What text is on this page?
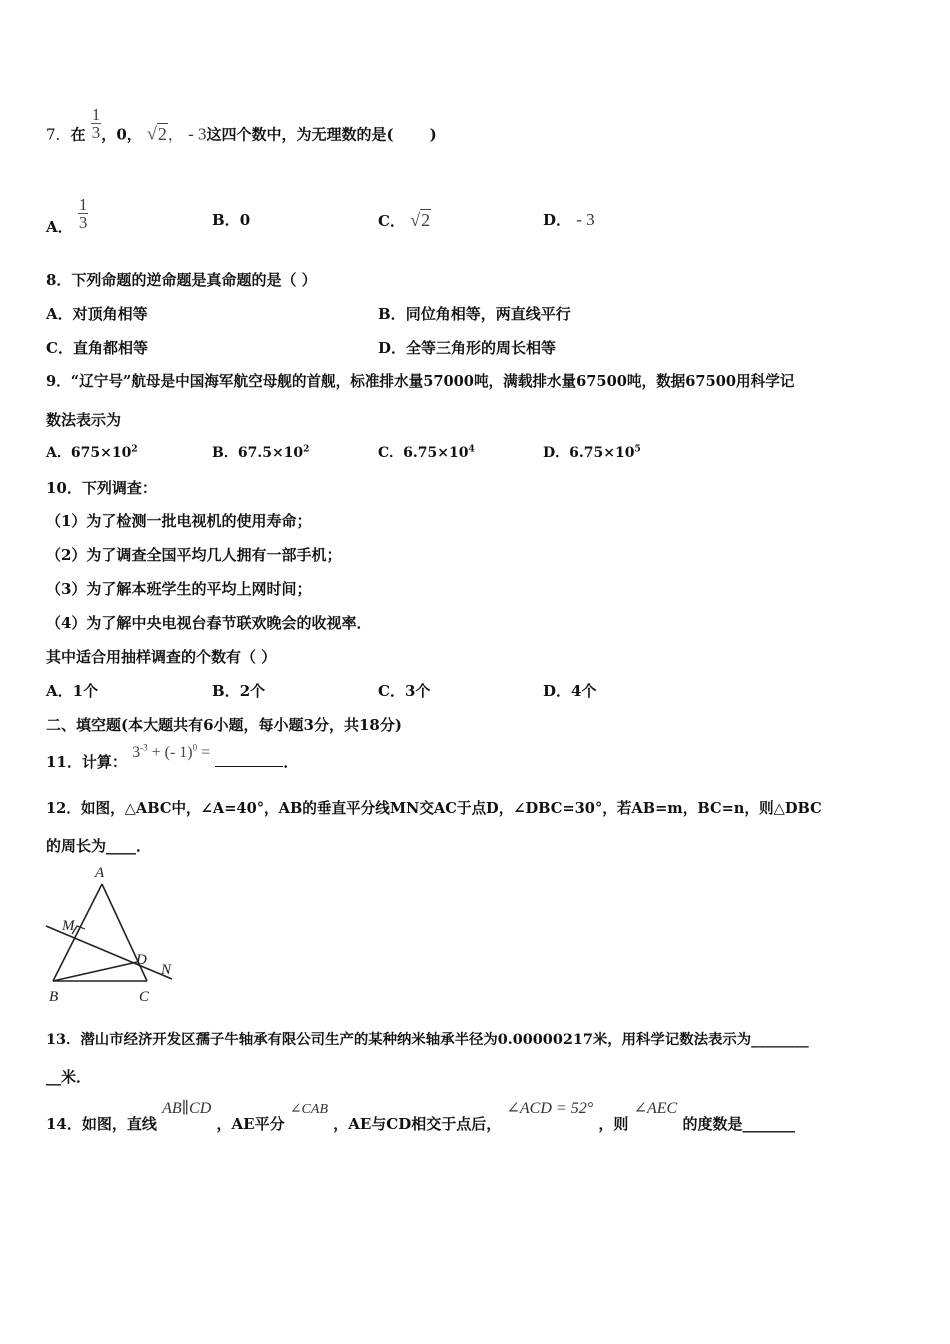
7．在 $\frac{1}{3}$ ，0， √2， - 3这四个数中，为无理数的是( )
A． $\frac{1}{3}$	B．0	C． √2	D． - 3
8．下列命题的逆命题是真命题的是（ ）
A．对顶角相等	B．同位角相等，两直线平行
C．直角都相等	D．全等三角形的周长相等
9．“辽宁号”航母是中国海军航空母舰的首舰，标准排水量57000吨，满载排水量67500吨，数据67500用科学记
数法表示为
A．$675\times 10^2$	B．$67.5\times 10^2$	C．$6.75\times 10^4$	D．$6.75\times 10^5$
10．下列调查：
（1）为了检测一批电视机的使用寿命；
（2）为了调查全国平均几人拥有一部手机；
（3）为了解本班学生的平均上网时间；
（4）为了解中央电视台春节联欢晚会的收视率．
其中适合用抽样调查的个数有（ ）
A．1个	B．2个	C．3个	D．4个
二、填空题(本大题共有6小题，每小题3分，共18分)
11．计算： $3^{-3}$ + (- 1)$^0$ = ．
12．如图，△ABC中，∠A=40°，AB的垂直平分线MN交AC于点D，∠DBC=30°，若AB=m，BC=n，则△DBC
的周长为____．
A
M
D
N
B	C
13．潜山市经济开发区孺子牛轴承有限公司生产的某种纳米轴承半径为0.00000217米，用科学记数法表示为________
__米．
14．如图，直线 AB∥CD ，AE平分 ∠CAB ，AE与CD相交于点后， ∠ACD = 52° ，则 ∠AEC 的度数是_______
